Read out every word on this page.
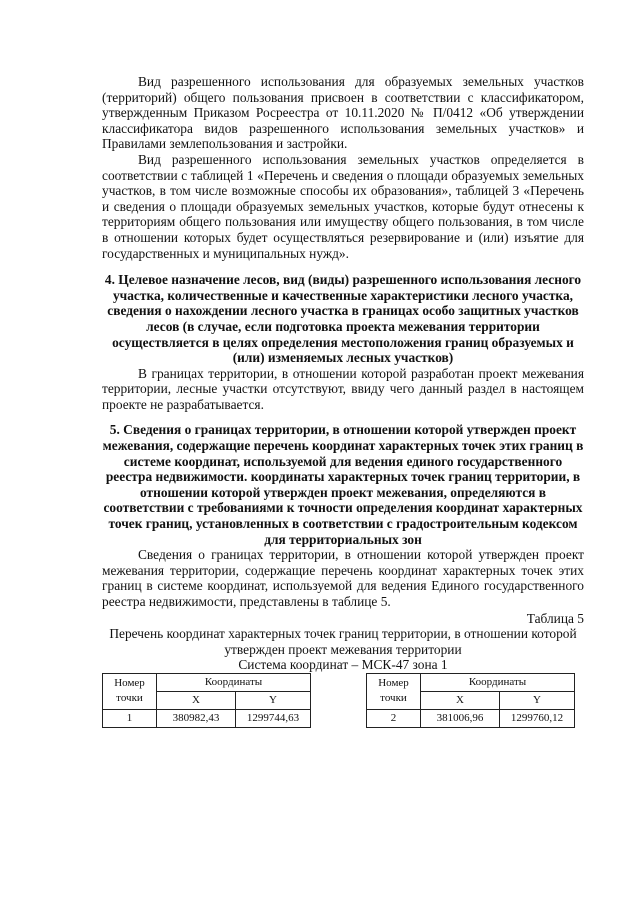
Вид разрешенного использования для образуемых земельных участков (территорий) общего пользования присвоен в соответствии с классификатором, утвержденным Приказом Росреестра от 10.11.2020 № П/0412 «Об утверждении классификатора видов разрешенного использования земельных участков» и Правилами землепользования и застройки.

Вид разрешенного использования земельных участков определяется в соответствии с таблицей 1 «Перечень и сведения о площади образуемых земельных участков, в том числе возможные способы их образования», таблицей 3 «Перечень и сведения о площади образуемых земельных участков, которые будут отнесены к территориям общего пользования или имуществу общего пользования, в том числе в отношении которых будет осуществляться резервирование и (или) изъятие для государственных и муниципальных нужд».

4. Целевое назначение лесов, вид (виды) разрешенного использования лесного участка, количественные и качественные характеристики лесного участка, сведения о нахождении лесного участка в границах особо защитных участков лесов (в случае, если подготовка проекта межевания территории осуществляется в целях определения местоположения границ образуемых и (или) изменяемых лесных участков)

В границах территории, в отношении которой разработан проект межевания территории, лесные участки отсутствуют, ввиду чего данный раздел в настоящем проекте не разрабатывается.

5. Сведения о границах территории, в отношении которой утвержден проект межевания, содержащие перечень координат характерных точек этих границ в системе координат, используемой для ведения единого государственного реестра недвижимости. координаты характерных точек границ территории, в отношении которой утвержден проект межевания, определяются в соответствии с требованиями к точности определения координат характерных точек границ, установленных в соответствии с градостроительным кодексом для территориальных зон

Сведения о границах территории, в отношении которой утвержден проект межевания территории, содержащие перечень координат характерных точек этих границ в системе координат, используемой для ведения Единого государственного реестра недвижимости, представлены в таблице 5.

Таблица 5

Перечень координат характерных точек границ территории, в отношении которой утвержден проект межевания территории

Система координат – МСК-47 зона 1

Номер
точки	Координаты	
	X	Y
1	380982,43	1299744,63
Номер
точки	Координаты	
	X	Y
2	381006,96	1299760,12
